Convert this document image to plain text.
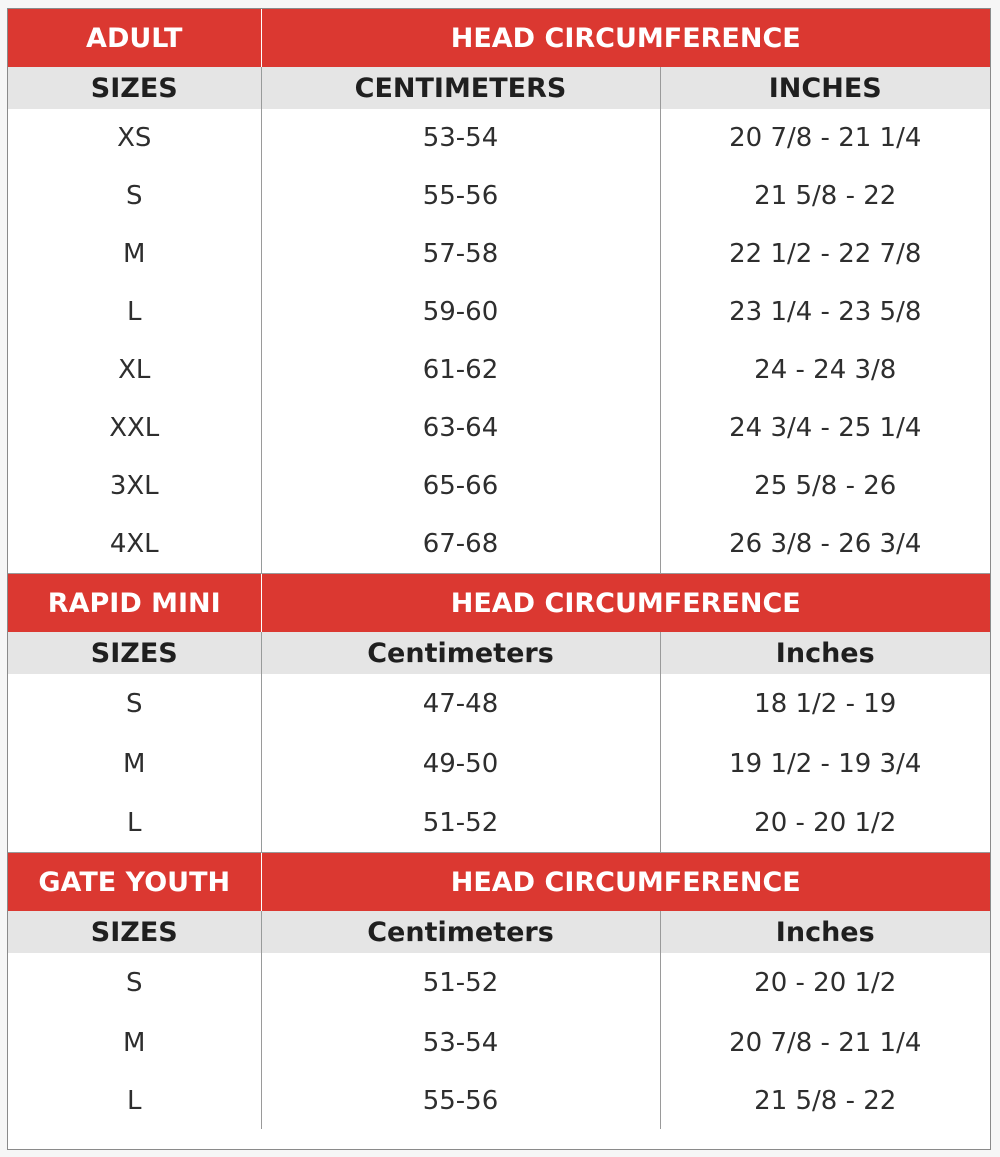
ADULT	HEAD CIRCUMFERENCE	
SIZES	CENTIMETERS	INCHES
XS	53-54	20 7/8 - 21 1/4
S	55-56	21 5/8 - 22
M	57-58	22 1/2 - 22 7/8
L	59-60	23 1/4 - 23 5/8
XL	61-62	24 - 24 3/8
XXL	63-64	24 3/4 - 25 1/4
3XL	65-66	25 5/8 - 26
4XL	67-68	26 3/8 - 26 3/4
RAPID MINI	HEAD CIRCUMFERENCE	
SIZES	Centimeters	Inches
S	47-48	18 1/2 - 19
M	49-50	19 1/2 - 19 3/4
L	51-52	20 - 20 1/2
GATE YOUTH	HEAD CIRCUMFERENCE	
SIZES	Centimeters	Inches
S	51-52	20 - 20 1/2
M	53-54	20 7/8 - 21 1/4
L	55-56	21 5/8 - 22
